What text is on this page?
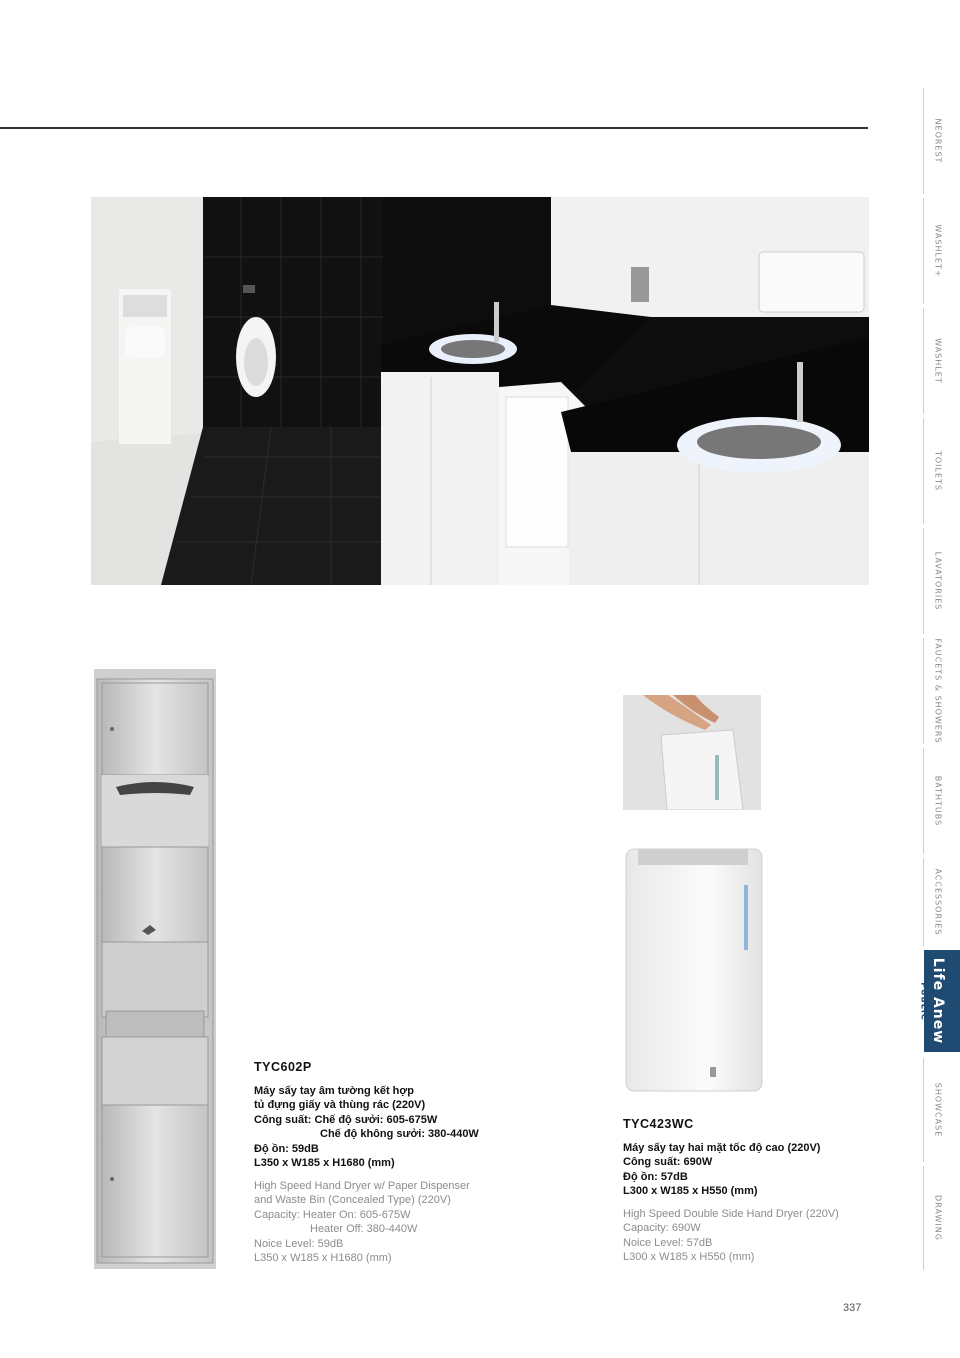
TYC602P
Máy sấy tay âm tường kết hợp
tủ đựng giấy và thùng rác (220V)
Công suất: Chế độ sưởi: 605-675W
Chế độ không sưởi: 380-440W
Độ ồn: 59dB
L350 x W185 x H1680 (mm)
High Speed Hand Dryer w/ Paper Dispenser
and Waste Bin (Concealed Type) (220V)
Capacity: Heater On: 605-675W
Heater Off: 380-440W
Noice Level: 59dB
L350 x W185 x H1680 (mm)
TYC423WC
Máy sấy tay hai mặt tốc độ cao (220V)
Công suất: 690W
Độ ồn: 57dB
L300 x W185 x H550 (mm)
High Speed Double Side Hand Dryer (220V)
Capacity: 690W
Noice Level: 57dB
L300 x W185 x H550 (mm)
NEOREST
WASHLET+
WASHLET
TOILETS
LAVATORIES
FAUCETS & SHOWERS
BATHTUBS
ACCESSORIES
Life Anew
SHOWCASE
DRAWING
PUBLIC
337
